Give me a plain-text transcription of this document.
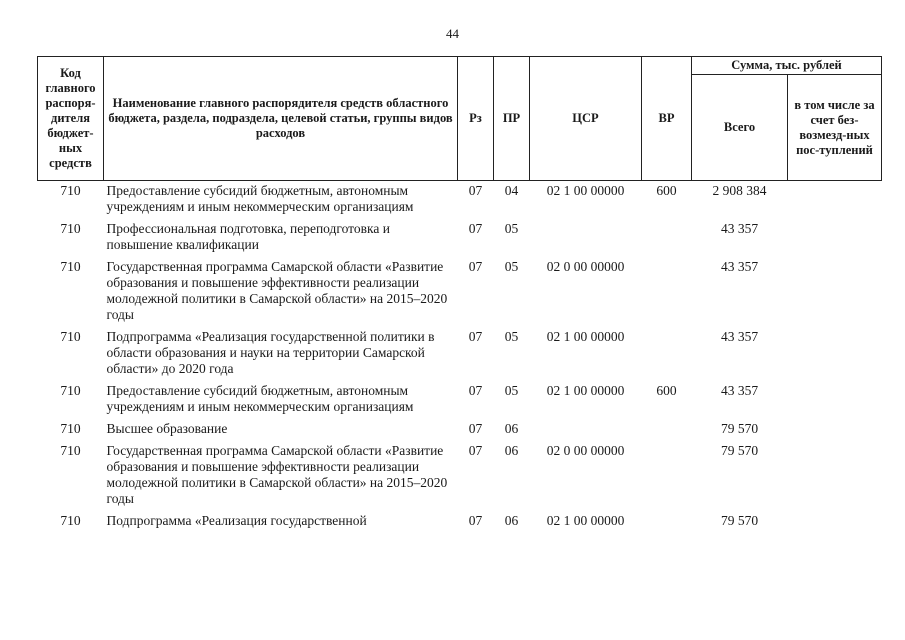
44
Код главного распоря-дителя бюджет-ных средств	Наименование главного распорядителя средств областного бюджета, раздела, подраздела, целевой статьи, группы видов расходов	Рз	ПР	ЦСР	ВР	Сумма, тыс. рублей	
						Всего	в том числе за счет без-возмезд-ных пос-туплений
710	Предоставление субсидий бюджетным, автономным учреждениям и иным некоммерческим организациям	07	04	02 1 00 00000	600	2 908 384	
710	Профессиональная подготовка, переподготовка и повышение квалификации	07	05			43 357	
710	Государственная программа Самарской области «Развитие образования и повышение эффективности реализации молодежной политики в Самарской области» на 2015–2020 годы	07	05	02 0 00 00000		43 357	
710	Подпрограмма «Реализация государственной политики в области образования и науки на территории Самарской области» до 2020 года	07	05	02 1 00 00000		43 357	
710	Предоставление субсидий бюджетным, автономным учреждениям и иным некоммерческим организациям	07	05	02 1 00 00000	600	43 357	
710	Высшее образование	07	06			79 570	
710	Государственная программа Самарской области «Развитие образования и повышение эффективности реализации молодежной политики в Самарской области» на 2015–2020 годы	07	06	02 0 00 00000		79 570	
710	Подпрограмма «Реализация государственной	07	06	02 1 00 00000		79 570	
